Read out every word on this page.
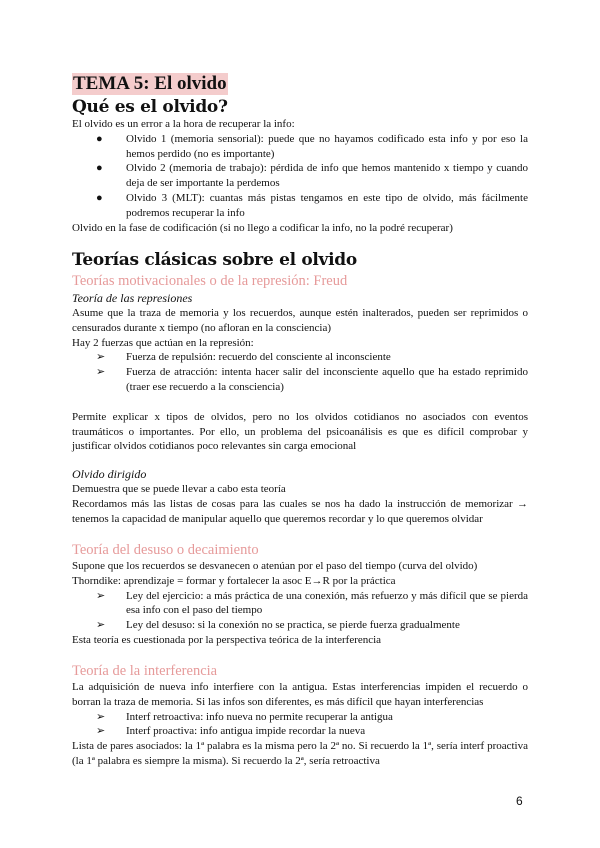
TEMA 5: El olvido
Qué es el olvido?

El olvido es un error a la hora de recuperar la info:

● Olvido 1 (memoria sensorial): puede que no hayamos codificado esta info y por eso la hemos perdido (no es importante)
● Olvido 2 (memoria de trabajo): pérdida de info que hemos mantenido x tiempo y cuando deja de ser importante la perdemos
● Olvido 3 (MLT): cuantas más pistas tengamos en este tipo de olvido, más fácilmente podremos recuperar la info

Olvido en la fase de codificación (si no llego a codificar la info, no la podré recuperar)

Teorías clásicas sobre el olvido
Teorías motivacionales o de la represión: Freud
Teoría de las represiones

Asume que la traza de memoria y los recuerdos, aunque estén inalterados, pueden ser reprimidos o censurados durante x tiempo (no afloran en la consciencia)

Hay 2 fuerzas que actúan en la represión:

➢ Fuerza de repulsión: recuerdo del consciente al inconsciente
➢ Fuerza de atracción: intenta hacer salir del inconsciente aquello que ha estado reprimido (traer ese recuerdo a la consciencia)

Permite explicar x tipos de olvidos, pero no los olvidos cotidianos no asociados con eventos traumáticos o importantes. Por ello, un problema del psicoanálisis es que es difícil comprobar y justificar olvidos cotidianos poco relevantes sin carga emocional

Olvido dirigido

Demuestra que se puede llevar a cabo esta teoría

Recordamos más las listas de cosas para las cuales se nos ha dado la instrucción de memorizar → tenemos la capacidad de manipular aquello que queremos recordar y lo que queremos olvidar

Teoría del desuso o decaimiento

Supone que los recuerdos se desvanecen o atenúan por el paso del tiempo (curva del olvido)

Thorndike: aprendizaje = formar y fortalecer la asoc E→R por la práctica

➢ Ley del ejercicio: a más práctica de una conexión, más refuerzo y más difícil que se pierda esa info con el paso del tiempo
➢ Ley del desuso: si la conexión no se practica, se pierde fuerza gradualmente

Esta teoría es cuestionada por la perspectiva teórica de la interferencia

Teoría de la interferencia

La adquisición de nueva info interfiere con la antigua. Estas interferencias impiden el recuerdo o borran la traza de memoria. Si las infos son diferentes, es más difícil que hayan interferencias

➢ Interf retroactiva: info nueva no permite recuperar la antigua
➢ Interf proactiva: info antigua impide recordar la nueva

Lista de pares asociados: la 1ª palabra es la misma pero la 2ª no. Si recuerdo la 1ª, sería interf proactiva (la 1ª palabra es siempre la misma). Si recuerdo la 2ª, sería retroactiva

6
